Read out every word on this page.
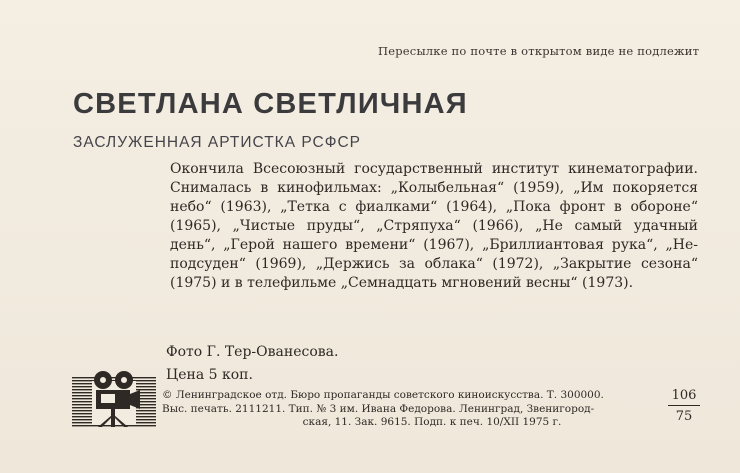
Пересылке по почте в открытом виде не подлежит
СВЕТЛАНА СВЕТЛИЧНАЯ
ЗАСЛУЖЕННАЯ АРТИСТКА РСФСР
Окончила Всесоюзный государственный институт кинематографии.
Снималась в кинофильмах: „Колыбельная“ (1959), „Им покоряется
небо“ (1963), „Тетка с фиалками“ (1964), „Пока фронт в обороне“
(1965), „Чистые пруды“, „Стряпуха“ (1966), „Не самый удачный
день“, „Герой нашего времени“ (1967), „Бриллиантовая рука“, „Не-
подсуден“ (1969), „Держись за облака“ (1972), „Закрытие сезона“
(1975) и в телефильме „Семнадцать мгновений весны“ (1973).
Фото Г. Тер-Ованесова.
Цена 5 коп.
© Ленинградское отд. Бюро пропаганды советского киноискусства. Т. 300000.
Выс. печать. 2111211. Тип. № 3 им. Ивана Федорова. Ленинград, Звенигород-
ская, 11. Зак. 9615. Подп. к печ. 10/XII 1975 г.
106
75
